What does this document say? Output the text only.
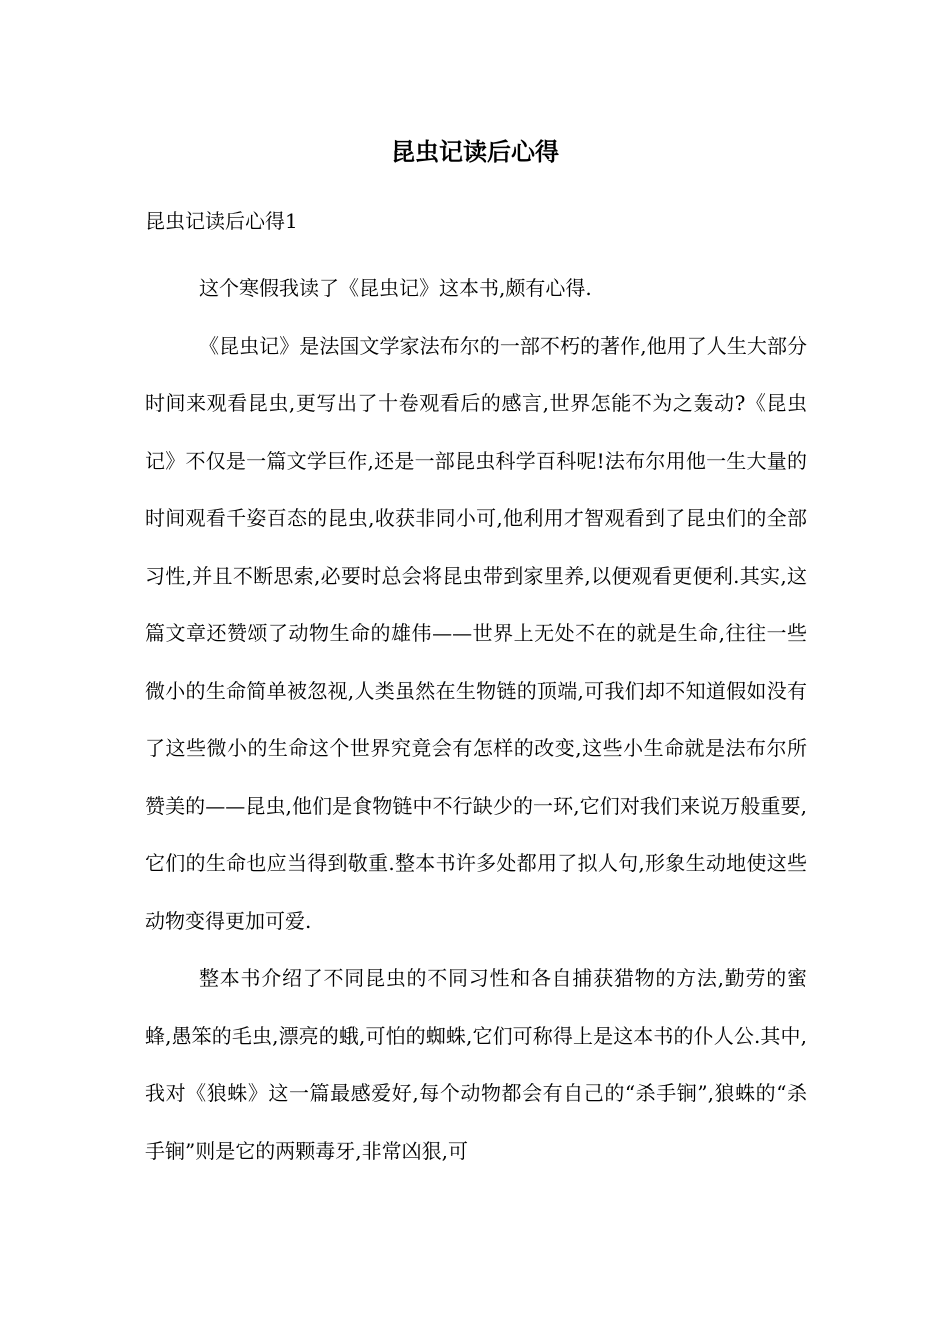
昆虫记读后心得

昆虫记读后心得1

这个寒假我读了《昆虫记》这本书,颇有心得.

《昆虫记》是法国文学家法布尔的一部不朽的著作,他用了人生大部分时间来观看昆虫,更写出了十卷观看后的感言,世界怎能不为之轰动?《昆虫记》不仅是一篇文学巨作,还是一部昆虫科学百科呢!法布尔用他一生大量的时间观看千姿百态的昆虫,收获非同小可,他利用才智观看到了昆虫们的全部习性,并且不断思索,必要时总会将昆虫带到家里养,以便观看更便利.其实,这篇文章还赞颂了动物生命的雄伟——世界上无处不在的就是生命,往往一些微小的生命简单被忽视,人类虽然在生物链的顶端,可我们却不知道假如没有了这些微小的生命这个世界究竟会有怎样的改变,这些小生命就是法布尔所赞美的——昆虫,他们是食物链中不行缺少的一环,它们对我们来说万般重要,它们的生命也应当得到敬重.整本书许多处都用了拟人句,形象生动地使这些动物变得更加可爱.

整本书介绍了不同昆虫的不同习性和各自捕获猎物的方法,勤劳的蜜蜂,愚笨的毛虫,漂亮的蛾,可怕的蜘蛛,它们可称得上是这本书的仆人公.其中,我对《狼蛛》这一篇最感爱好,每个动物都会有自己的“杀手锏”,狼蛛的“杀手锏”则是它的两颗毒牙,非常凶狠,可
